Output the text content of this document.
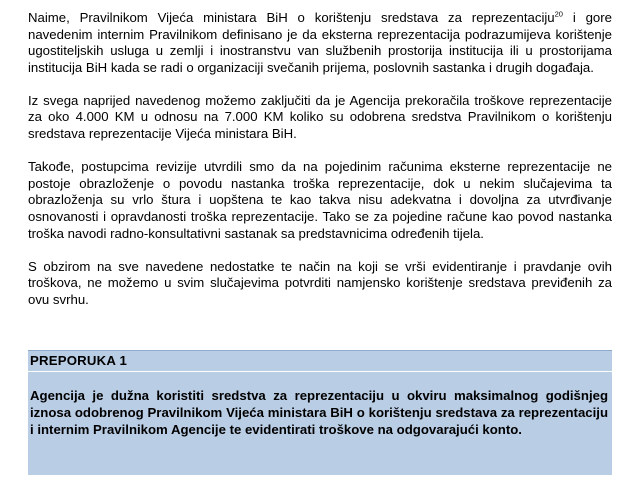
Naime, Pravilnikom Vijeća ministara BiH o korištenju sredstava za reprezentaciju$^{20}$ i gore navedenim internim Pravilnikom definisano je da eksterna reprezentacija podrazumijeva korištenje ugostiteljskih usluga u zemlji i inostranstvu van službenih prostorija institucija ili u prostorijama institucija BiH kada se radi o organizaciji svečanih prijema, poslovnih sastanka i drugih događaja.

Iz svega naprijed navedenog možemo zaključiti da je Agencija prekoračila troškove reprezentacije za oko 4.000 KM u odnosu na 7.000 KM koliko su odobrena sredstva Pravilnikom o korištenju sredstava reprezentacije Vijeća ministara BiH.

Takođe, postupcima revizije utvrdili smo da na pojedinim računima eksterne reprezentacije ne postoje obrazloženje o povodu nastanka troška reprezentacije, dok u nekim slučajevima ta obrazloženja su vrlo štura i uopštena te kao takva nisu adekvatna i dovoljna za utvrđivanje osnovanosti i opravdanosti troška reprezentacije. Tako se za pojedine račune kao povod nastanka troška navodi radno-konsultativni sastanak sa predstavnicima određenih tijela.

S obzirom na sve navedene nedostatke te način na koji se vrši evidentiranje i pravdanje ovih troškova, ne možemo u svim slučajevima potvrditi namjensko korištenje sredstava previđenih za ovu svrhu.

PREPORUKA 1
Agencija je dužna koristiti sredstva za reprezentaciju u okviru maksimalnog godišnjeg iznosa odobrenog Pravilnikom Vijeća ministara BiH o korištenju sredstava za reprezentaciju i internim Pravilnikom Agencije te evidentirati troškove na odgovarajući konto.
